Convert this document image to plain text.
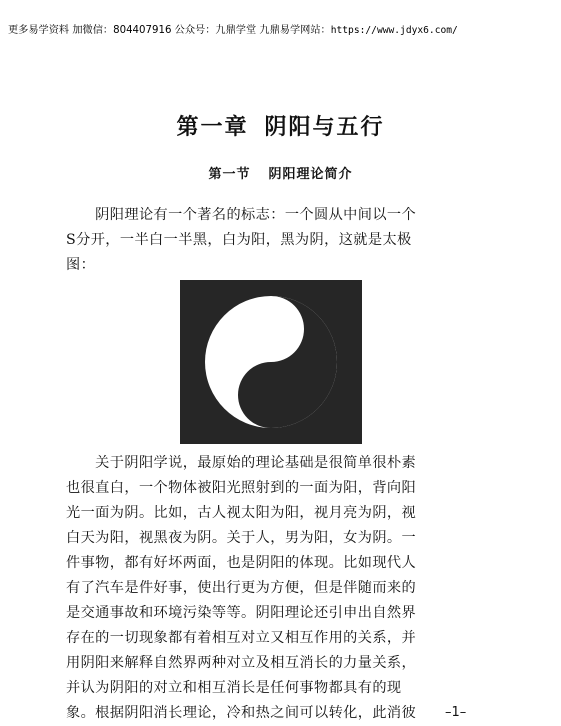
更多易学资料 加微信：804407916 公众号：九鼎学堂 九鼎易学网站：https://www.jdyx6.com/
第一章 阴阳与五行
第一节 阴阳理论简介
　　阴阳理论有一个著名的标志：一个圆从中间以一个
S分开，一半白一半黑，白为阳，黑为阴，这就是太极
图：
　　关于阴阳学说，最原始的理论基础是很简单很朴素
也很直白，一个物体被阳光照射到的一面为阳，背向阳
光一面为阴。比如，古人视太阳为阳，视月亮为阴，视
白天为阳，视黑夜为阴。关于人，男为阳，女为阴。一
件事物，都有好坏两面，也是阴阳的体现。比如现代人
有了汽车是件好事，使出行更为方便，但是伴随而来的
是交通事故和环境污染等等。阴阳理论还引申出自然界
存在的一切现象都有着相互对立又相互作用的关系，并
用阴阳来解释自然界两种对立及相互消长的力量关系，
并认为阴阳的对立和相互消长是任何事物都具有的现
象。根据阴阳消长理论，冷和热之间可以转化，此消彼	–1–
